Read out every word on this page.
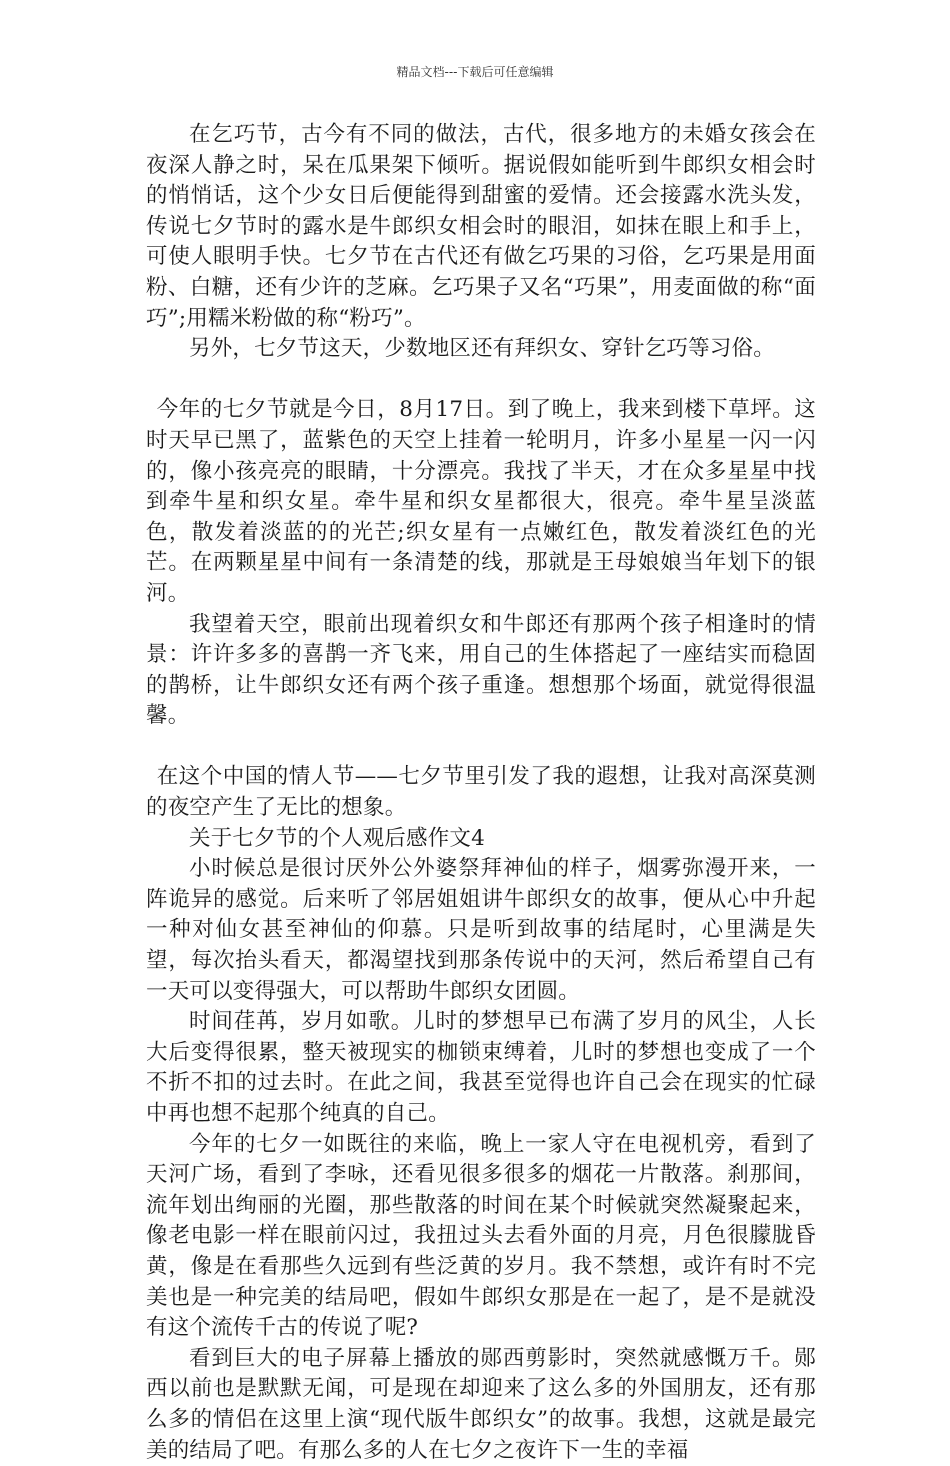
精品文档---下载后可任意编辑

在乞巧节，古今有不同的做法，古代，很多地方的未婚女孩会在夜深人静之时，呆在瓜果架下倾听。据说假如能听到牛郎织女相会时的悄悄话，这个少女日后便能得到甜蜜的爱情。还会接露水洗头发，传说七夕节时的露水是牛郎织女相会时的眼泪，如抹在眼上和手上，可使人眼明手快。七夕节在古代还有做乞巧果的习俗，乞巧果是用面粉、白糖，还有少许的芝麻。乞巧果子又名“巧果”，用麦面做的称“面巧”;用糯米粉做的称“粉巧”。

另外，七夕节这天，少数地区还有拜织女、穿针乞巧等习俗。

今年的七夕节就是今日，8月17日。到了晚上，我来到楼下草坪。这时天早已黑了，蓝紫色的天空上挂着一轮明月，许多小星星一闪一闪的，像小孩亮亮的眼睛，十分漂亮。我找了半天，才在众多星星中找到牵牛星和织女星。牵牛星和织女星都很大，很亮。牵牛星呈淡蓝色，散发着淡蓝的的光芒;织女星有一点嫩红色，散发着淡红色的光芒。在两颗星星中间有一条清楚的线，那就是王母娘娘当年划下的银河。

我望着天空，眼前出现着织女和牛郎还有那两个孩子相逢时的情景：许许多多的喜鹊一齐飞来，用自己的生体搭起了一座结实而稳固的鹊桥，让牛郎织女还有两个孩子重逢。想想那个场面，就觉得很温馨。

在这个中国的情人节——七夕节里引发了我的遐想，让我对高深莫测的夜空产生了无比的想象。

关于七夕节的个人观后感作文4

小时候总是很讨厌外公外婆祭拜神仙的样子，烟雾弥漫开来，一阵诡异的感觉。后来听了邻居姐姐讲牛郎织女的故事，便从心中升起一种对仙女甚至神仙的仰慕。只是听到故事的结尾时，心里满是失望，每次抬头看天，都渴望找到那条传说中的天河，然后希望自己有一天可以变得强大，可以帮助牛郎织女团圆。

时间荏苒，岁月如歌。儿时的梦想早已布满了岁月的风尘，人长大后变得很累，整天被现实的枷锁束缚着，儿时的梦想也变成了一个不折不扣的过去时。在此之间，我甚至觉得也许自己会在现实的忙碌中再也想不起那个纯真的自己。

今年的七夕一如既往的来临，晚上一家人守在电视机旁，看到了天河广场，看到了李咏，还看见很多很多的烟花一片散落。刹那间，流年划出绚丽的光圈，那些散落的时间在某个时候就突然凝聚起来，像老电影一样在眼前闪过，我扭过头去看外面的月亮，月色很朦胧昏黄，像是在看那些久远到有些泛黄的岁月。我不禁想，或许有时不完美也是一种完美的结局吧，假如牛郎织女那是在一起了，是不是就没有这个流传千古的传说了呢?

看到巨大的电子屏幕上播放的郧西剪影时，突然就感慨万千。郧西以前也是默默无闻，可是现在却迎来了这么多的外国朋友，还有那么多的情侣在这里上演“现代版牛郎织女”的故事。我想，这就是最完美的结局了吧。有那么多的人在七夕之夜许下一生的幸福
